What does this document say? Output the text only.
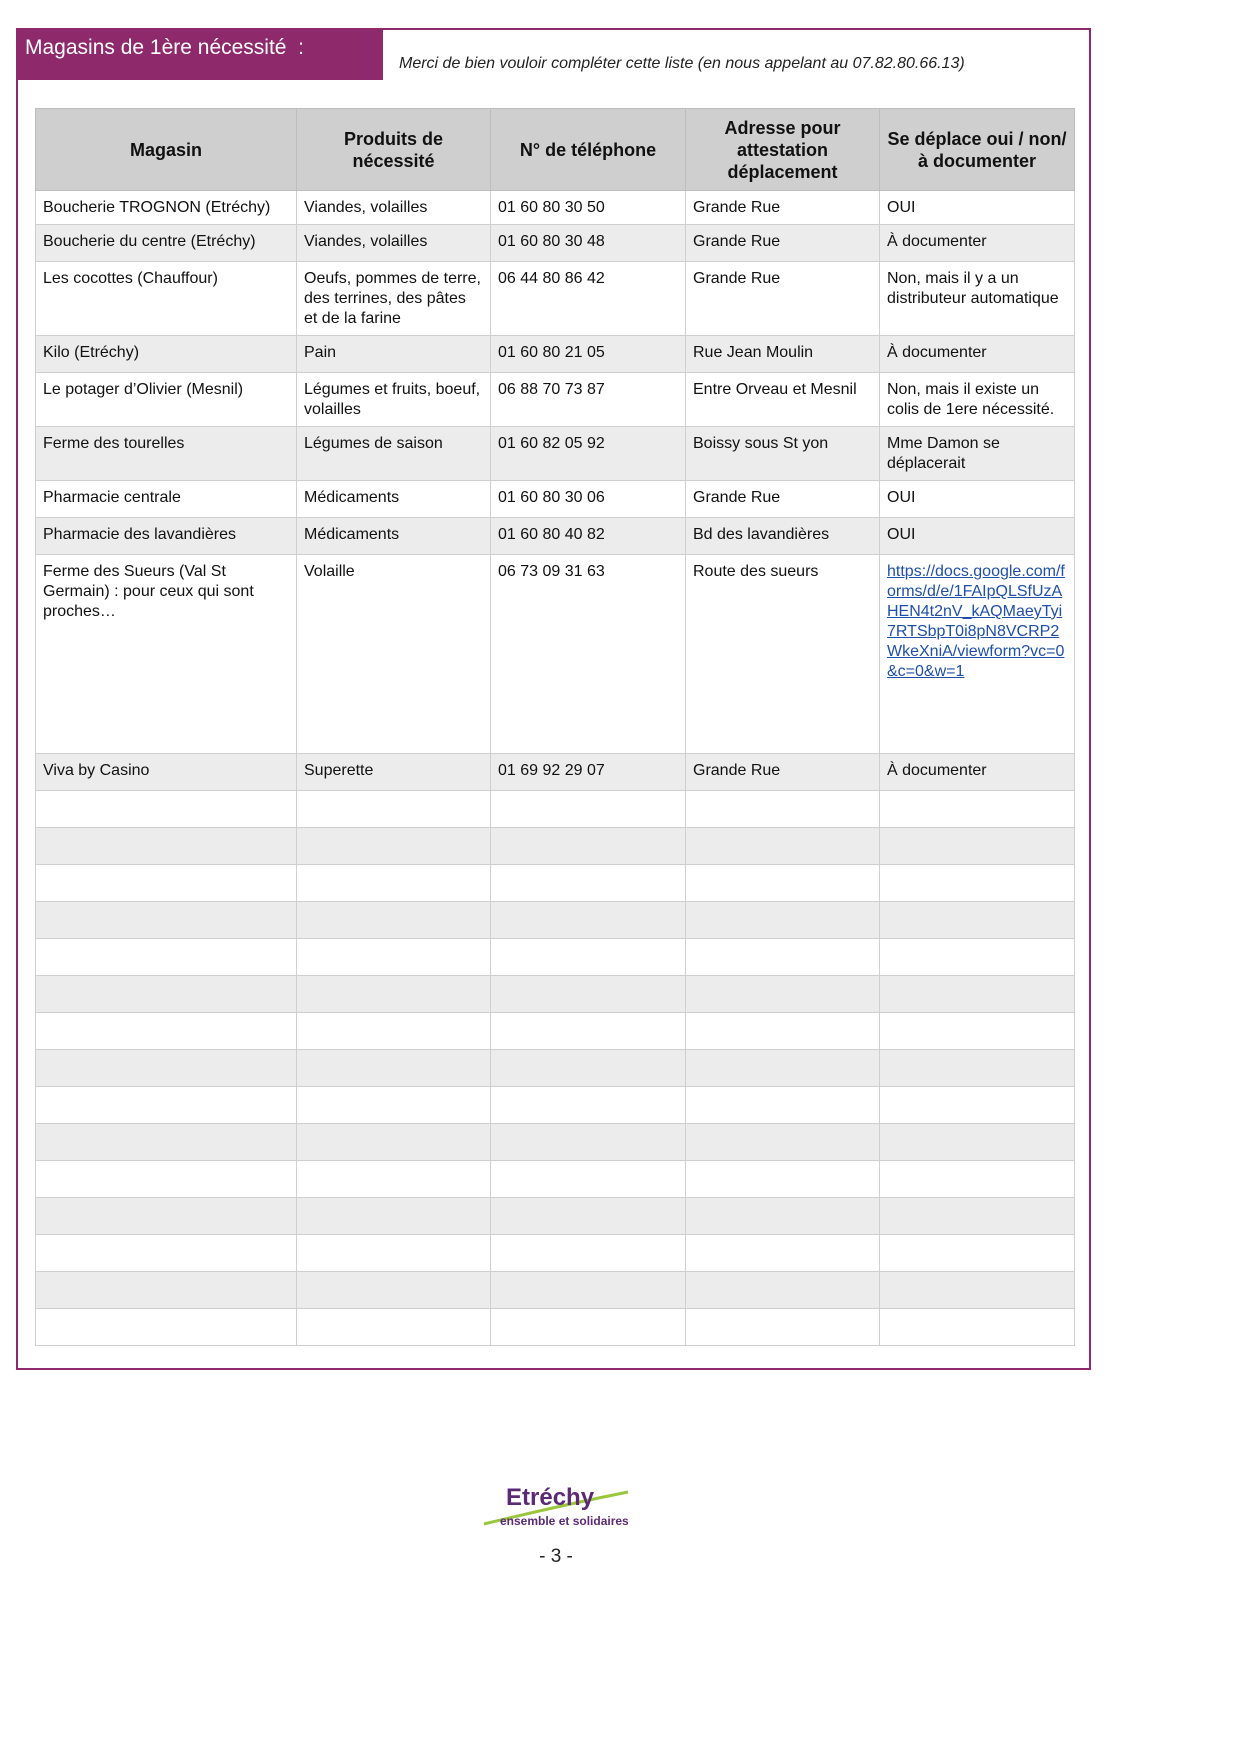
Magasins de 1ère nécessité  :
Merci de bien vouloir compléter cette liste (en nous appelant au 07.82.80.66.13)
Magasin	Produits de nécessité	N° de téléphone	Adresse pour attestation déplacement	Se déplace oui / non/ à documenter
Boucherie TROGNON (Etréchy)	Viandes, volailles	01 60 80 30 50	Grande Rue	OUI
Boucherie du centre (Etréchy)	Viandes, volailles	01 60 80 30 48	Grande Rue	À documenter
Les cocottes (Chauffour)	Oeufs, pommes de terre, des terrines, des pâtes et de la farine	06 44 80 86 42	Grande Rue	Non, mais il y a un distributeur automatique
Kilo (Etréchy)	Pain	01 60 80 21 05	Rue Jean Moulin	À documenter
Le potager d’Olivier (Mesnil)	Légumes et fruits, boeuf, volailles	06 88 70 73 87	Entre Orveau et Mesnil	Non, mais il existe un colis de 1ere nécessité.
Ferme des tourelles	Légumes de saison	01 60 82 05 92	Boissy sous St yon	Mme Damon se déplacerait
Pharmacie centrale	Médicaments	01 60 80 30 06	Grande Rue	OUI
Pharmacie des lavandières	Médicaments	01 60 80 40 82	Bd des lavandières	OUI
Ferme des Sueurs (Val St Germain) : pour ceux qui sont proches…	Volaille	06 73 09 31 63	Route des sueurs	https://docs.google.com/forms/d/e/1FAIpQLSfUzAHEN4t2nV_kAQMaeyTyi7RTSbpT0i8pN8VCRP2WkeXniA/viewform?vc=0&c=0&w=1
Viva by Casino	Superette	01 69 92 29 07	Grande Rue	À documenter

Etréchy
ensemble et solidaires
- 3 -
